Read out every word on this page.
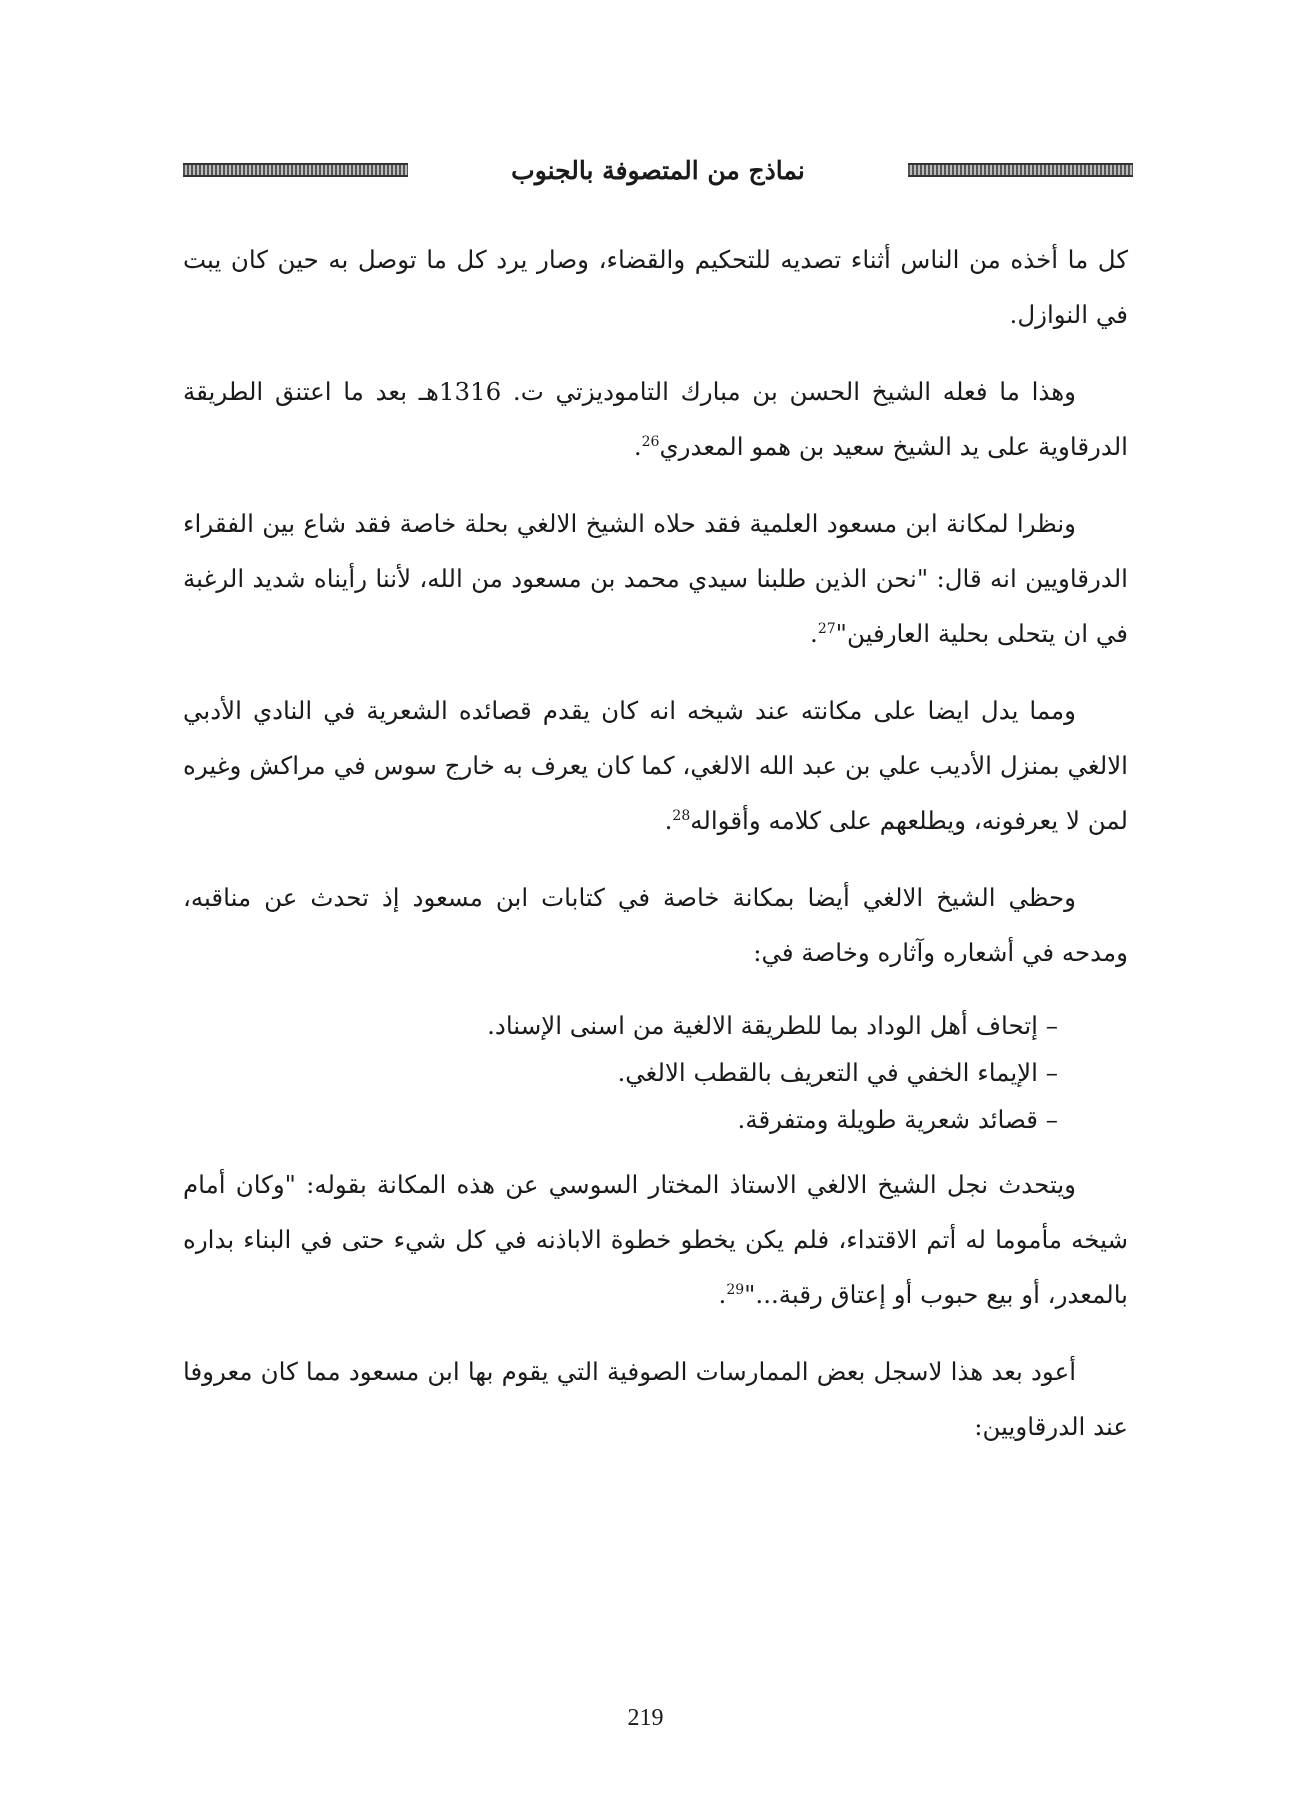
نماذج من المتصوفة بالجنوب

كل ما أخذه من الناس أثناء تصديه للتحكيم والقضاء، وصار يرد كل ما توصل به حين كان يبت في النوازل.

وهذا ما فعله الشيخ الحسن بن مبارك التاموديزتي ت. 1316هـ بعد ما اعتنق الطريقة الدرقاوية على يد الشيخ سعيد بن همو المعدري$^{26}$.

ونظرا لمكانة ابن مسعود العلمية فقد حلاه الشيخ الالغي بحلة خاصة فقد شاع بين الفقراء الدرقاويين انه قال: "نحن الذين طلبنا سيدي محمد بن مسعود من الله، لأننا رأيناه شديد الرغبة في ان يتحلى بحلية العارفين"$^{27}$.

ومما يدل ايضا على مكانته عند شيخه انه كان يقدم قصائده الشعرية في النادي الأدبي الالغي بمنزل الأديب علي بن عبد الله الالغي، كما كان يعرف به خارج سوس في مراكش وغيره لمن لا يعرفونه، ويطلعهم على كلامه وأقواله$^{28}$.

وحظي الشيخ الالغي أيضا بمكانة خاصة في كتابات ابن مسعود إذ تحدث عن مناقبه، ومدحه في أشعاره وآثاره وخاصة في:

– إتحاف أهل الوداد بما للطريقة الالغية من اسنى الإسناد.
– الإيماء الخفي في التعريف بالقطب الالغي.
– قصائد شعرية طويلة ومتفرقة.

ويتحدث نجل الشيخ الالغي الاستاذ المختار السوسي عن هذه المكانة بقوله: "وكان أمام شيخه مأموما له أتم الاقتداء، فلم يكن يخطو خطوة الاباذنه في كل شيء حتى في البناء بداره بالمعدر، أو بيع حبوب أو إعتاق رقبة..."$^{29}$.

أعود بعد هذا لاسجل بعض الممارسات الصوفية التي يقوم بها ابن مسعود مما كان معروفا عند الدرقاويين:

219
